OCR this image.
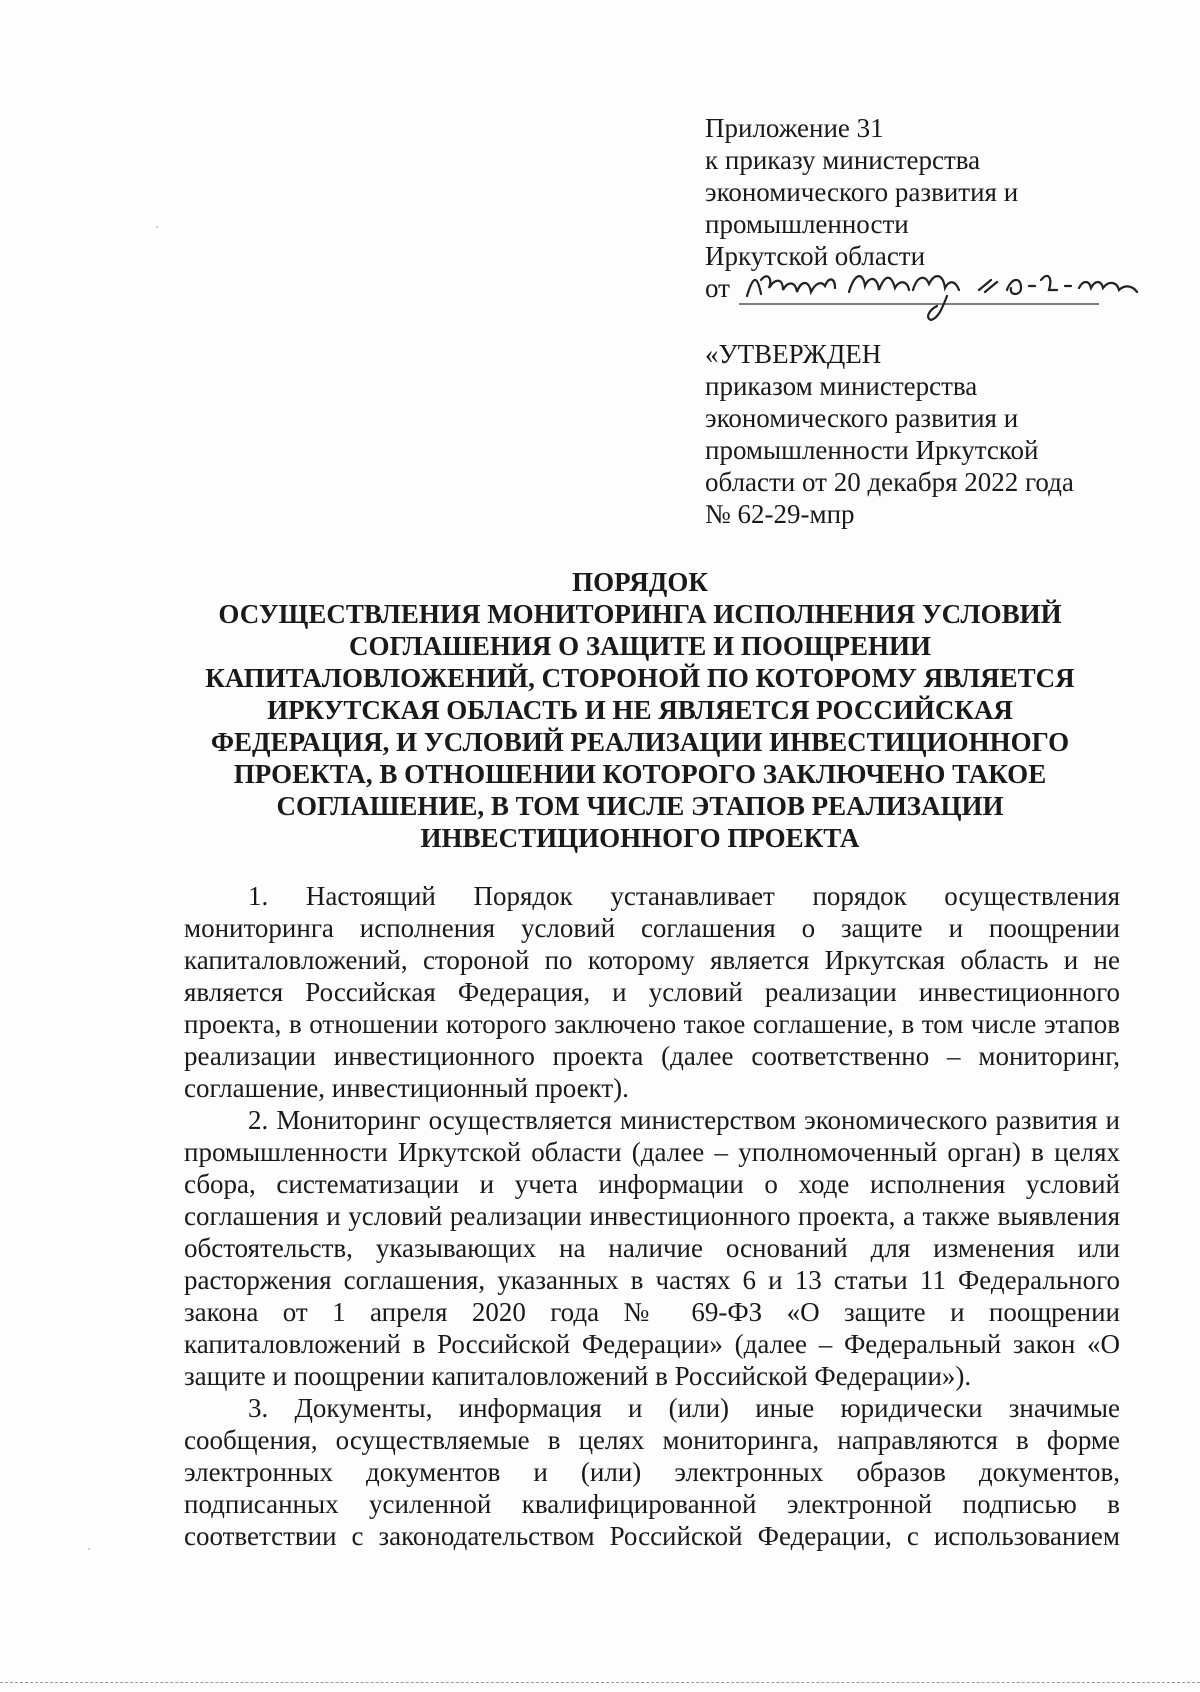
Приложение 31
к приказу министерства
экономического развития и
промышленности
Иркутской области
от
«УТВЕРЖДЕН
приказом министерства
экономического развития и
промышленности Иркутской
области от 20 декабря 2022 года
№ 62-29-мпр
ПОРЯДОК
ОСУЩЕСТВЛЕНИЯ МОНИТОРИНГА ИСПОЛНЕНИЯ УСЛОВИЙ
СОГЛАШЕНИЯ О ЗАЩИТЕ И ПООЩРЕНИИ
КАПИТАЛОВЛОЖЕНИЙ, СТОРОНОЙ ПО КОТОРОМУ ЯВЛЯЕТСЯ
ИРКУТСКАЯ ОБЛАСТЬ И НЕ ЯВЛЯЕТСЯ РОССИЙСКАЯ
ФЕДЕРАЦИЯ, И УСЛОВИЙ РЕАЛИЗАЦИИ ИНВЕСТИЦИОННОГО
ПРОЕКТА, В ОТНОШЕНИИ КОТОРОГО ЗАКЛЮЧЕНО ТАКОЕ
СОГЛАШЕНИЕ, В ТОМ ЧИСЛЕ ЭТАПОВ РЕАЛИЗАЦИИ
ИНВЕСТИЦИОННОГО ПРОЕКТА

1. Настоящий Порядок устанавливает порядок осуществления
мониторинга исполнения условий соглашения о защите и поощрении
капиталовложений, стороной по которому является Иркутская область и не
является Российская Федерация, и условий реализации инвестиционного
проекта, в отношении которого заключено такое соглашение, в том числе этапов
реализации инвестиционного проекта (далее соответственно – мониторинг,
соглашение, инвестиционный проект).

2. Мониторинг осуществляется министерством экономического развития и
промышленности Иркутской области (далее – уполномоченный орган) в целях
сбора, систематизации и учета информации о ходе исполнения условий
соглашения и условий реализации инвестиционного проекта, а также выявления
обстоятельств, указывающих на наличие оснований для изменения или
расторжения соглашения, указанных в частях 6 и 13 статьи 11 Федерального
закона от 1 апреля 2020 года № 69-ФЗ «О защите и поощрении
капиталовложений в Российской Федерации» (далее – Федеральный закон «О
защите и поощрении капиталовложений в Российской Федерации»).

3. Документы, информация и (или) иные юридически значимые
сообщения, осуществляемые в целях мониторинга, направляются в форме
электронных документов и (или) электронных образов документов,
подписанных усиленной квалифицированной электронной подписью в
соответствии с законодательством Российской Федерации, с использованием
